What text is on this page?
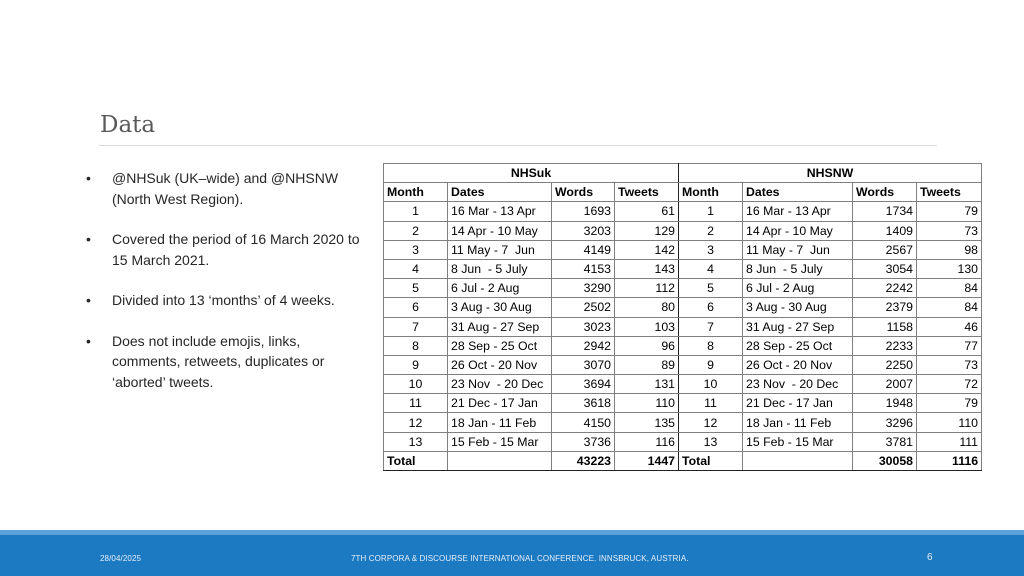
Data
• @NHSuk (UK–wide) and @NHSNW (North West Region).
• Covered the period of 16 March 2020 to 15 March 2021.
• Divided into 13 ‘months’ of 4 weeks.
• Does not include emojis, links, comments, retweets, duplicates or ‘aborted’ tweets.
NHSuk				NHSNW			
Month	Dates	Words	Tweets	Month	Dates	Words	Tweets
1	16 Mar - 13 Apr	1693	61	1	16 Mar - 13 Apr	1734	79
2	14 Apr - 10 May	3203	129	2	14 Apr - 10 May	1409	73
3	11 May - 7  Jun	4149	142	3	11 May - 7  Jun	2567	98
4	8 Jun  - 5 July	4153	143	4	8 Jun  - 5 July	3054	130
5	6 Jul - 2 Aug	3290	112	5	6 Jul - 2 Aug	2242	84
6	3 Aug - 30 Aug	2502	80	6	3 Aug - 30 Aug	2379	84
7	31 Aug - 27 Sep	3023	103	7	31 Aug - 27 Sep	1158	46
8	28 Sep - 25 Oct	2942	96	8	28 Sep - 25 Oct	2233	77
9	26 Oct - 20 Nov	3070	89	9	26 Oct - 20 Nov	2250	73
10	23 Nov  - 20 Dec	3694	131	10	23 Nov  - 20 Dec	2007	72
11	21 Dec - 17 Jan	3618	110	11	21 Dec - 17 Jan	1948	79
12	18 Jan - 11 Feb	4150	135	12	18 Jan - 11 Feb	3296	110
13	15 Feb - 15 Mar	3736	116	13	15 Feb - 15 Mar	3781	111
Total		43223	1447	Total		30058	1116
28/04/2025	7TH CORPORA & DISCOURSE INTERNATIONAL CONFERENCE. INNSBRUCK, AUSTRIA.	6
